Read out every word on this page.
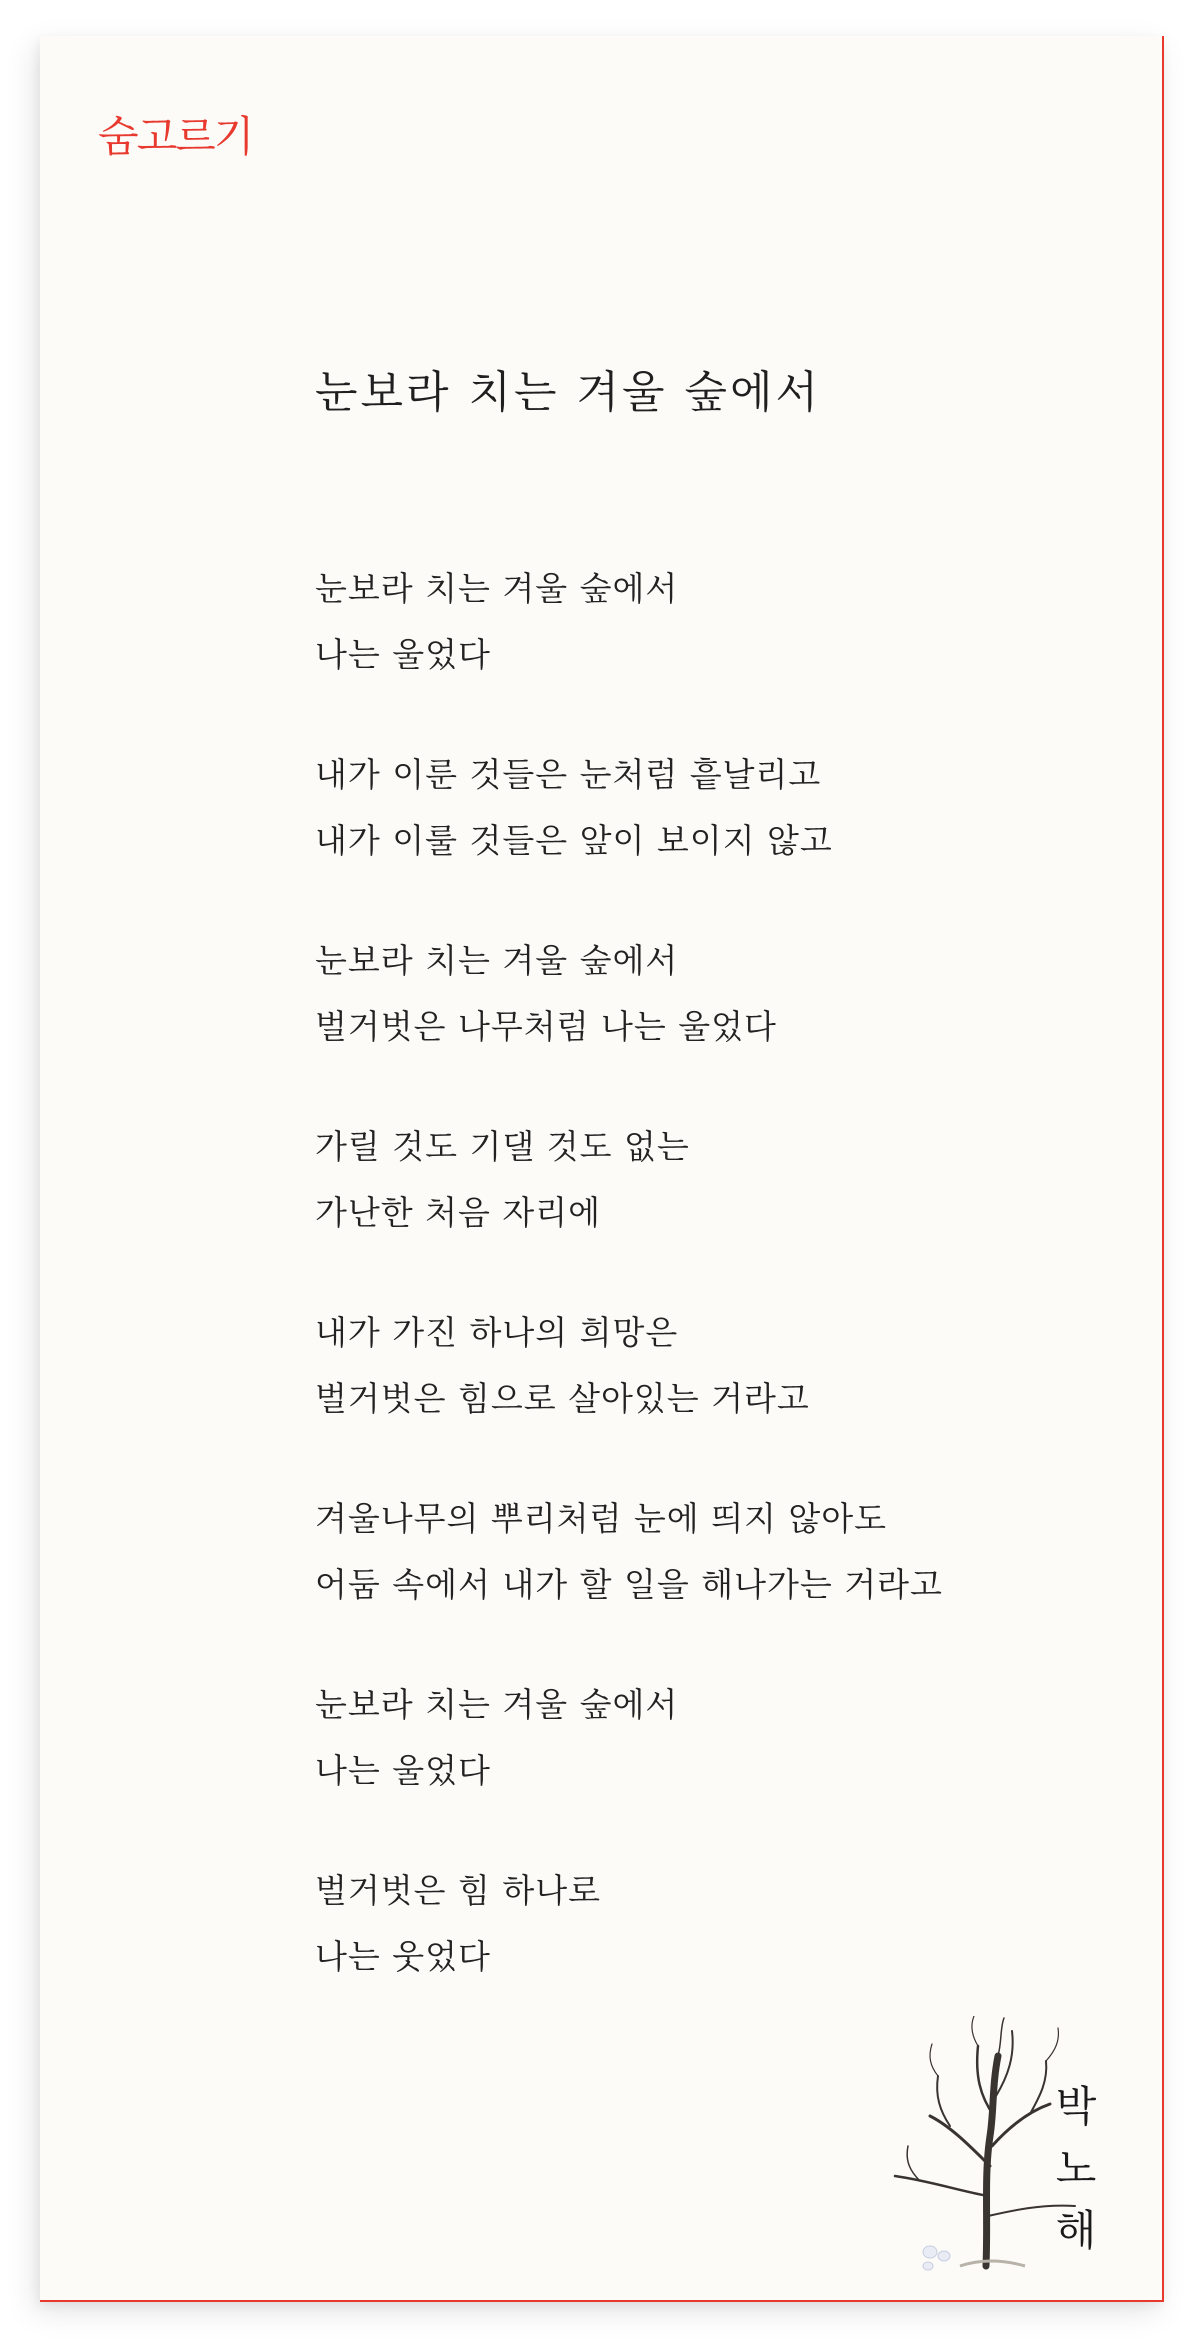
숨고르기
눈보라 치는 겨울 숲에서
눈보라 치는 겨울 숲에서
나는 울었다
내가 이룬 것들은 눈처럼 흩날리고
내가 이룰 것들은 앞이 보이지 않고
눈보라 치는 겨울 숲에서
벌거벗은 나무처럼 나는 울었다
가릴 것도 기댈 것도 없는
가난한 처음 자리에
내가 가진 하나의 희망은
벌거벗은 힘으로 살아있는 거라고
겨울나무의 뿌리처럼 눈에 띄지 않아도
어둠 속에서 내가 할 일을 해나가는 거라고
눈보라 치는 겨울 숲에서
나는 울었다
벌거벗은 힘 하나로
나는 웃었다
박
노
해
